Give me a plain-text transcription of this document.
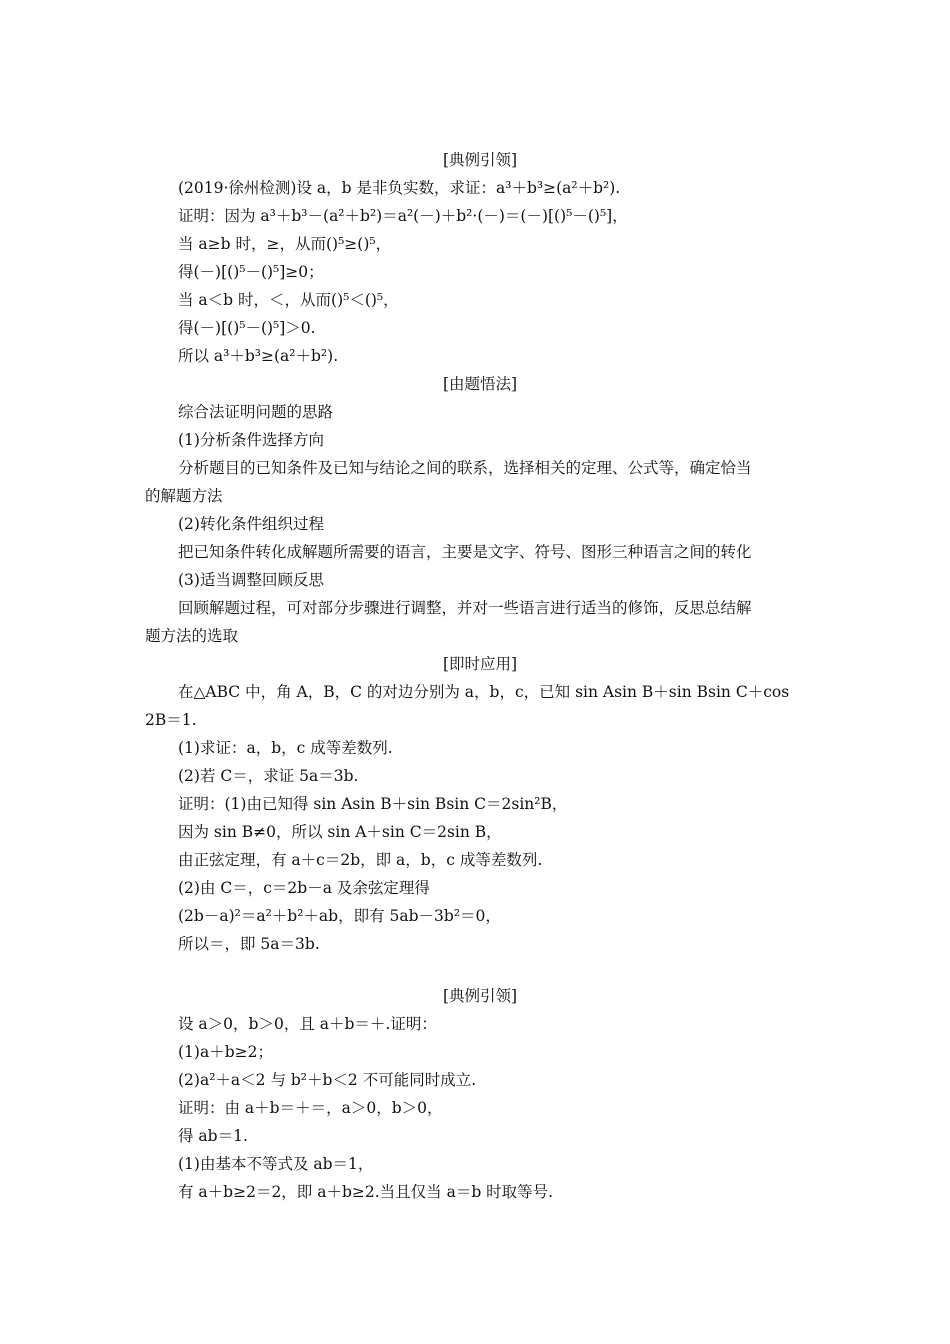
[典例引领]
(2019·徐州检测)设 a，b 是非负实数，求证：a³＋b³≥(a²＋b²).
证明：因为 a³＋b³－(a²＋b²)＝a²(－)＋b²·(－)＝(－)[()⁵－()⁵]，
当 a≥b 时，≥，从而()⁵≥()⁵，
得(－)[()⁵－()⁵]≥0；
当 a＜b 时，＜，从而()⁵＜()⁵，
得(－)[()⁵－()⁵]＞0.
所以 a³＋b³≥(a²＋b²).
[由题悟法]
综合法证明问题的思路
(1)分析条件选择方向
分析题目的已知条件及已知与结论之间的联系，选择相关的定理、公式等，确定恰当
的解题方法
(2)转化条件组织过程
把已知条件转化成解题所需要的语言，主要是文字、符号、图形三种语言之间的转化
(3)适当调整回顾反思
回顾解题过程，可对部分步骤进行调整，并对一些语言进行适当的修饰，反思总结解
题方法的选取
[即时应用]
在△ABC 中，角 A，B，C 的对边分别为 a，b，c，已知 sin Asin B＋sin Bsin C＋cos
2B＝1.
(1)求证：a，b，c 成等差数列.
(2)若 C＝，求证 5a＝3b.
证明：(1)由已知得 sin Asin B＋sin Bsin C＝2sin²B，
因为 sin B≠0，所以 sin A＋sin C＝2sin B，
由正弦定理，有 a＋c＝2b，即 a，b，c 成等差数列.
(2)由 C＝，c＝2b－a 及余弦定理得
(2b－a)²＝a²＋b²＋ab，即有 5ab－3b²＝0，
所以＝，即 5a＝3b.
[典例引领]
设 a＞0，b＞0，且 a＋b＝＋.证明：
(1)a＋b≥2；
(2)a²＋a＜2 与 b²＋b＜2 不可能同时成立.
证明：由 a＋b＝＋＝，a＞0，b＞0，
得 ab＝1.
(1)由基本不等式及 ab＝1，
有 a＋b≥2＝2，即 a＋b≥2.当且仅当 a＝b 时取等号.
